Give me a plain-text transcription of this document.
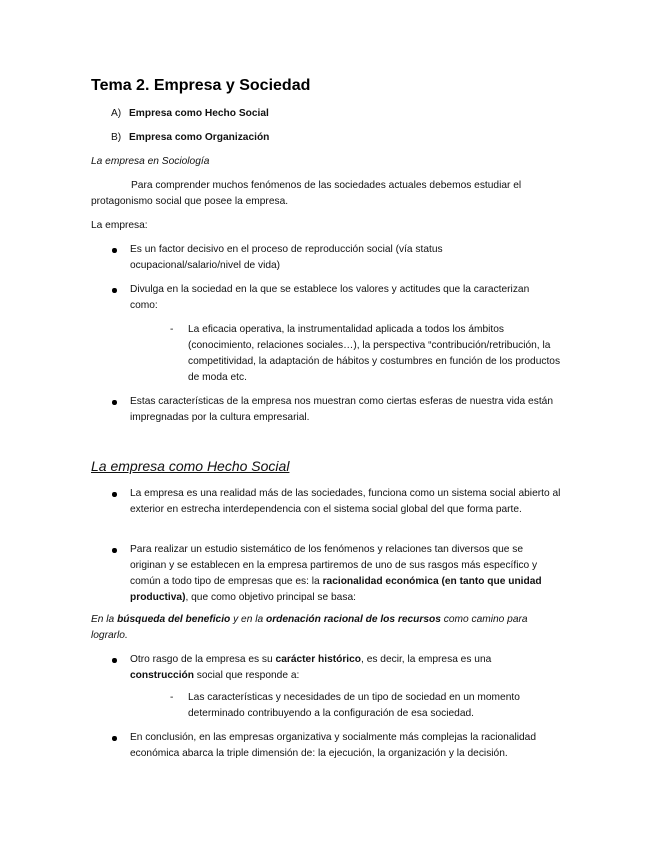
Tema 2. Empresa y Sociedad
A) Empresa como Hecho Social
B) Empresa como Organización
La empresa en Sociología
Para comprender muchos fenómenos de las sociedades actuales debemos estudiar el protagonismo social que posee la empresa.
La empresa:
Es un factor decisivo en el proceso de reproducción social (vía status ocupacional/salario/nivel de vida)
Divulga en la sociedad en la que se establece los valores y actitudes que la caracterizan como:
- La eficacia operativa, la instrumentalidad aplicada a todos los ámbitos (conocimiento, relaciones sociales…), la perspectiva “contribución/retribución, la competitividad, la adaptación de hábitos y costumbres en función de los productos de moda etc.
Estas características de la empresa nos muestran como ciertas esferas de nuestra vida están impregnadas por la cultura empresarial.
La empresa como Hecho Social
La empresa es una realidad más de las sociedades, funciona como un sistema social abierto al exterior en estrecha interdependencia con el sistema social global del que forma parte.
Para realizar un estudio sistemático de los fenómenos y relaciones tan diversos que se originan y se establecen en la empresa partiremos de uno de sus rasgos más específico y común a todo tipo de empresas que es: la racionalidad económica (en tanto que unidad productiva), que como objetivo principal se basa:
En la búsqueda del beneficio y en la ordenación racional de los recursos como camino para lograrlo.
Otro rasgo de la empresa es su carácter histórico, es decir, la empresa es una construcción social que responde a:
- Las características y necesidades de un tipo de sociedad en un momento determinado contribuyendo a la configuración de esa sociedad.
En conclusión, en las empresas organizativa y socialmente más complejas la racionalidad económica abarca la triple dimensión de: la ejecución, la organización y la decisión.
